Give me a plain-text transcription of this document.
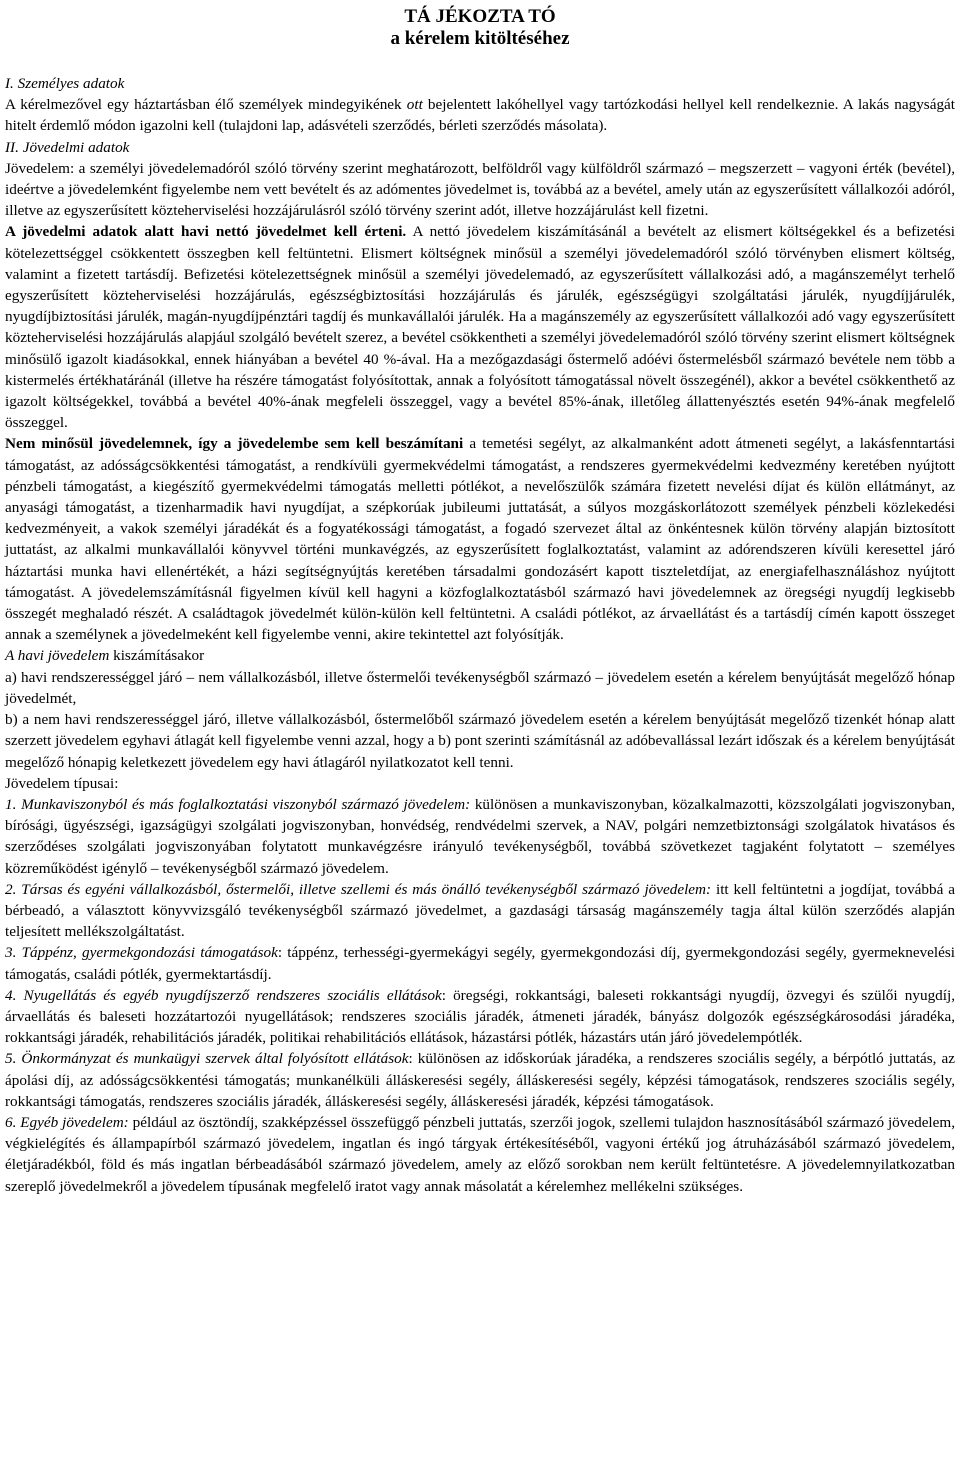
TÁ JÉKOZTA TÓ
a kérelem kitöltéséhez

I. Személyes adatok

A kérelmezővel egy háztartásban élő személyek mindegyikének ott bejelentett lakóhellyel vagy tartózkodási hellyel kell rendelkeznie. A lakás nagyságát hitelt érdemlő módon igazolni kell (tulajdoni lap, adásvételi szerződés, bérleti szerződés másolata).

II. Jövedelmi adatok

Jövedelem: a személyi jövedelemadóról szóló törvény szerint meghatározott, belföldről vagy külföldről származó – megszerzett – vagyoni érték (bevétel), ideértve a jövedelemként figyelembe nem vett bevételt és az adómentes jövedelmet is, továbbá az a bevétel, amely után az egyszerűsített vállalkozói adóról, illetve az egyszerűsített közteherviselési hozzájárulásról szóló törvény szerint adót, illetve hozzájárulást kell fizetni.

A jövedelmi adatok alatt havi nettó jövedelmet kell érteni. A nettó jövedelem kiszámításánál a bevételt az elismert költségekkel és a befizetési kötelezettséggel csökkentett összegben kell feltüntetni. Elismert költségnek minősül a személyi jövedelemadóról szóló törvényben elismert költség, valamint a fizetett tartásdíj. Befizetési kötelezettségnek minősül a személyi jövedelemadó, az egyszerűsített vállalkozási adó, a magánszemélyt terhelő egyszerűsített közteherviselési hozzájárulás, egészségbiztosítási hozzájárulás és járulék, egészségügyi szolgáltatási járulék, nyugdíjjárulék, nyugdíjbiztosítási járulék, magán-nyugdíjpénztári tagdíj és munkavállalói járulék. Ha a magánszemély az egyszerűsített vállalkozói adó vagy egyszerűsített közteherviselési hozzájárulás alapjául szolgáló bevételt szerez, a bevétel csökkentheti a személyi jövedelemadóról szóló törvény szerint elismert költségnek minősülő igazolt kiadásokkal, ennek hiányában a bevétel 40 %-ával. Ha a mezőgazdasági őstermelő adóévi őstermelésből származó bevétele nem több a kistermelés értékhatáránál (illetve ha részére támogatást folyósítottak, annak a folyósított támogatással növelt összegénél), akkor a bevétel csökkenthető az igazolt költségekkel, továbbá a bevétel 40%-ának megfeleli összeggel, vagy a bevétel 85%-ának, illetőleg állattenyésztés esetén 94%-ának megfelelő összeggel.

Nem minősül jövedelemnek, így a jövedelembe sem kell beszámítani a temetési segélyt, az alkalmanként adott átmeneti segélyt, a lakásfenntartási támogatást, az adósságcsökkentési támogatást, a rendkívüli gyermekvédelmi támogatást, a rendszeres gyermekvédelmi kedvezmény keretében nyújtott pénzbeli támogatást, a kiegészítő gyermekvédelmi támogatás melletti pótlékot, a nevelőszülők számára fizetett nevelési díjat és külön ellátmányt, az anyasági támogatást, a tizenharmadik havi nyugdíjat, a szépkorúak jubileumi juttatását, a súlyos mozgáskorlátozott személyek pénzbeli közlekedési kedvezményeit, a vakok személyi járadékát és a fogyatékossági támogatást, a fogadó szervezet által az önkéntesnek külön törvény alapján biztosított juttatást, az alkalmi munkavállalói könyvvel történi munkavégzés, az egyszerűsített foglalkoztatást, valamint az adórendszeren kívüli keresettel járó háztartási munka havi ellenértékét, a házi segítségnyújtás keretében társadalmi gondozásért kapott tiszteletdíjat, az energiafelhasználáshoz nyújtott támogatást. A jövedelemszámításnál figyelmen kívül kell hagyni a közfoglalkoztatásból származó havi jövedelemnek az öregségi nyugdíj legkisebb összegét meghaladó részét. A családtagok jövedelmét külön-külön kell feltüntetni. A családi pótlékot, az árvaellátást és a tartásdíj címén kapott összeget annak a személynek a jövedelmeként kell figyelembe venni, akire tekintettel azt folyósítják.

A havi jövedelem kiszámításakor

a) havi rendszerességgel járó – nem vállalkozásból, illetve őstermelői tevékenységből származó – jövedelem esetén a kérelem benyújtását megelőző hónap jövedelmét,

b) a nem havi rendszerességgel járó, illetve vállalkozásból, őstermelőből származó jövedelem esetén a kérelem benyújtását megelőző tizenkét hónap alatt szerzett jövedelem egyhavi átlagát kell figyelembe venni azzal, hogy a b) pont szerinti számításnál az adóbevallással lezárt időszak és a kérelem benyújtását megelőző hónapig keletkezett jövedelem egy havi átlagáról nyilatkozatot kell tenni.

Jövedelem típusai:

1. Munkaviszonyból és más foglalkoztatási viszonyból származó jövedelem: különösen a munkaviszonyban, közalkalmazotti, közszolgálati jogviszonyban, bírósági, ügyészségi, igazságügyi szolgálati jogviszonyban, honvédség, rendvédelmi szervek, a NAV, polgári nemzetbiztonsági szolgálatok hivatásos és szerződéses szolgálati jogviszonyában folytatott munkavégzésre irányuló tevékenységből, továbbá szövetkezet tagjaként folytatott – személyes közreműködést igénylő – tevékenységből származó jövedelem.

2. Társas és egyéni vállalkozásból, őstermelői, illetve szellemi és más önálló tevékenységből származó jövedelem: itt kell feltüntetni a jogdíjat, továbbá a bérbeadó, a választott könyvvizsgáló tevékenységből származó jövedelmet, a gazdasági társaság magánszemély tagja által külön szerződés alapján teljesített mellékszolgáltatást.

3. Táppénz, gyermekgondozási támogatások: táppénz, terhességi-gyermekágyi segély, gyermekgondozási díj, gyermekgondozási segély, gyermeknevelési támogatás, családi pótlék, gyermektartásdíj.

4. Nyugellátás és egyéb nyugdíjszerző rendszeres szociális ellátások: öregségi, rokkantsági, baleseti rokkantsági nyugdíj, özvegyi és szülői nyugdíj, árvaellátás és baleseti hozzátartozói nyugellátások; rendszeres szociális járadék, átmeneti járadék, bányász dolgozók egészségkárosodási járadéka, rokkantsági járadék, rehabilitációs járadék, politikai rehabilitációs ellátások, házastársi pótlék, házastárs után járó jövedelempótlék.

5. Önkormányzat és munkaügyi szervek által folyósított ellátások: különösen az időskorúak járadéka, a rendszeres szociális segély, a bérpótló juttatás, az ápolási díj, az adósságcsökkentési támogatás; munkanélküli álláskeresési segély, álláskeresési segély, képzési támogatások, rendszeres szociális segély, rokkantsági támogatás, rendszeres szociális járadék, álláskeresési segély, álláskeresési járadék, képzési támogatások.

6. Egyéb jövedelem: például az ösztöndíj, szakképzéssel összefüggő pénzbeli juttatás, szerzői jogok, szellemi tulajdon hasznosításából származó jövedelem, végkielégítés és állampapírból származó jövedelem, ingatlan és ingó tárgyak értékesítéséből, vagyoni értékű jog átruházásából származó jövedelem, életjáradékból, föld és más ingatlan bérbeadásából származó jövedelem, amely az előző sorokban nem került feltüntetésre. A jövedelemnyilatkozatban szereplő jövedelmekről a jövedelem típusának megfelelő iratot vagy annak másolatát a kérelemhez mellékelni szükséges.
